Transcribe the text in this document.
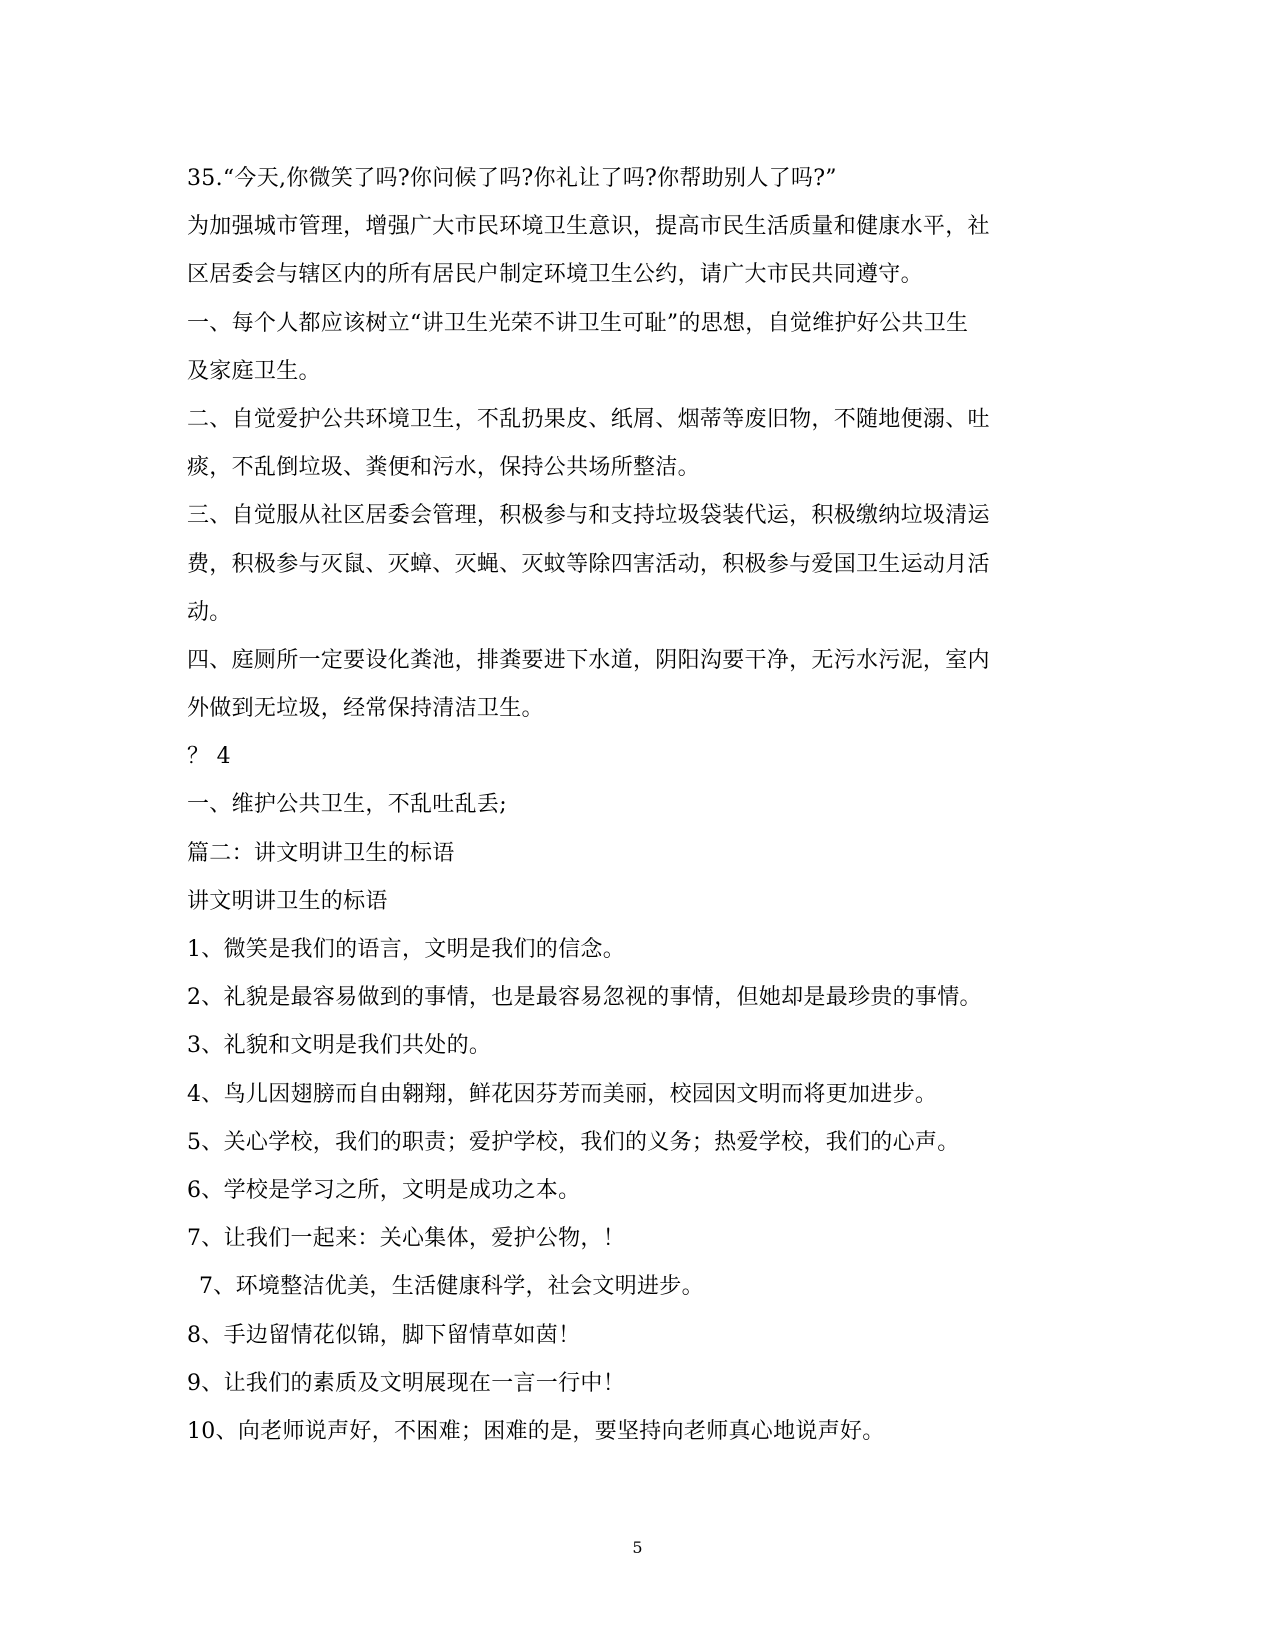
35.“今天,你微笑了吗?你问候了吗?你礼让了吗?你帮助别人了吗?”
为加强城市管理，增强广大市民环境卫生意识，提高市民生活质量和健康水平，社
区居委会与辖区内的所有居民户制定环境卫生公约，请广大市民共同遵守。
一、每个人都应该树立“讲卫生光荣不讲卫生可耻”的思想，自觉维护好公共卫生
及家庭卫生。
二、自觉爱护公共环境卫生，不乱扔果皮、纸屑、烟蒂等废旧物，不随地便溺、吐
痰，不乱倒垃圾、粪便和污水，保持公共场所整洁。
三、自觉服从社区居委会管理，积极参与和支持垃圾袋装代运，积极缴纳垃圾清运
费，积极参与灭鼠、灭蟑、灭蝇、灭蚊等除四害活动，积极参与爱国卫生运动月活
动。
四、庭厕所一定要设化粪池，排粪要进下水道，阴阳沟要干净，无污水污泥，室内
外做到无垃圾，经常保持清洁卫生。
？ 4
一、维护公共卫生，不乱吐乱丢;
篇二：讲文明讲卫生的标语
讲文明讲卫生的标语
1、微笑是我们的语言，文明是我们的信念。
2、礼貌是最容易做到的事情，也是最容易忽视的事情，但她却是最珍贵的事情。
3、礼貌和文明是我们共处的。
4、鸟儿因翅膀而自由翱翔，鲜花因芬芳而美丽，校园因文明而将更加进步。
5、关心学校，我们的职责；爱护学校，我们的义务；热爱学校，我们的心声。
6、学校是学习之所，文明是成功之本。
7、让我们一起来：关心集体，爱护公物，！
7、环境整洁优美，生活健康科学，社会文明进步。
8、手边留情花似锦，脚下留情草如茵！
9、让我们的素质及文明展现在一言一行中！
10、向老师说声好，不困难；困难的是，要坚持向老师真心地说声好。
5
